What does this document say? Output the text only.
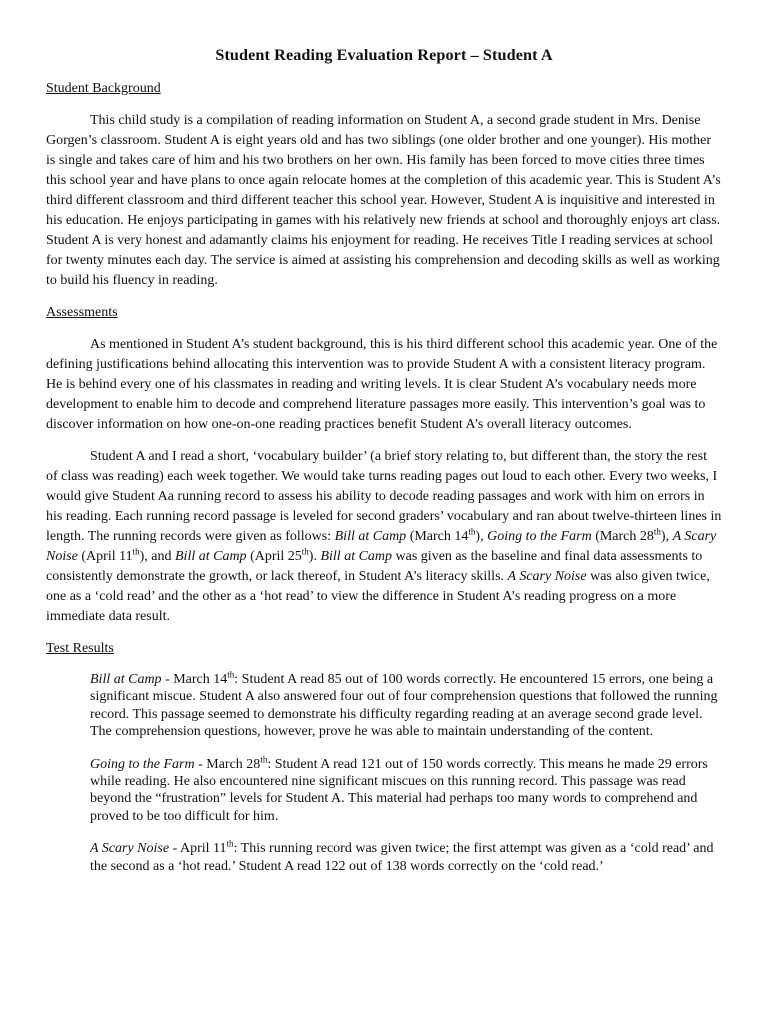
Student Reading Evaluation Report – Student A
Student Background

This child study is a compilation of reading information on Student A, a second grade student in Mrs. Denise Gorgen’s classroom. Student A is eight years old and has two siblings (one older brother and one younger). His mother is single and takes care of him and his two brothers on her own. His family has been forced to move cities three times this school year and have plans to once again relocate homes at the completion of this academic year. This is Student A’s third different classroom and third different teacher this school year. However, Student A is inquisitive and interested in his education. He enjoys participating in games with his relatively new friends at school and thoroughly enjoys art class. Student A is very honest and adamantly claims his enjoyment for reading. He receives Title I reading services at school for twenty minutes each day. The service is aimed at assisting his comprehension and decoding skills as well as working to build his fluency in reading.

Assessments

As mentioned in Student A’s student background, this is his third different school this academic year. One of the defining justifications behind allocating this intervention was to provide Student A with a consistent literacy program. He is behind every one of his classmates in reading and writing levels. It is clear Student A’s vocabulary needs more development to enable him to decode and comprehend literature passages more easily. This intervention’s goal was to discover information on how one-on-one reading practices benefit Student A’s overall literacy outcomes.

Student A and I read a short, ‘vocabulary builder’ (a brief story relating to, but different than, the story the rest of class was reading) each week together. We would take turns reading pages out loud to each other. Every two weeks, I would give Student Aa running record to assess his ability to decode reading passages and work with him on errors in his reading. Each running record passage is leveled for second graders’ vocabulary and ran about twelve-thirteen lines in length. The running records were given as follows: Bill at Camp (March 14th), Going to the Farm (March 28th), A Scary Noise (April 11th), and Bill at Camp (April 25th). Bill at Camp was given as the baseline and final data assessments to consistently demonstrate the growth, or lack thereof, in Student A’s literacy skills. A Scary Noise was also given twice, one as a ‘cold read’ and the other as a ‘hot read’ to view the difference in Student A’s reading progress on a more immediate data result.

Test Results

Bill at Camp - March 14th: Student A read 85 out of 100 words correctly. He encountered 15 errors, one being a significant miscue. Student A also answered four out of four comprehension questions that followed the running record. This passage seemed to demonstrate his difficulty regarding reading at an average second grade level. The comprehension questions, however, prove he was able to maintain understanding of the content.

Going to the Farm - March 28th: Student A read 121 out of 150 words correctly. This means he made 29 errors while reading. He also encountered nine significant miscues on this running record. This passage was read beyond the “frustration” levels for Student A. This material had perhaps too many words to comprehend and proved to be too difficult for him.

A Scary Noise - April 11th: This running record was given twice; the first attempt was given as a ‘cold read’ and the second as a ‘hot read.’ Student A read 122 out of 138 words correctly on the ‘cold read.’
